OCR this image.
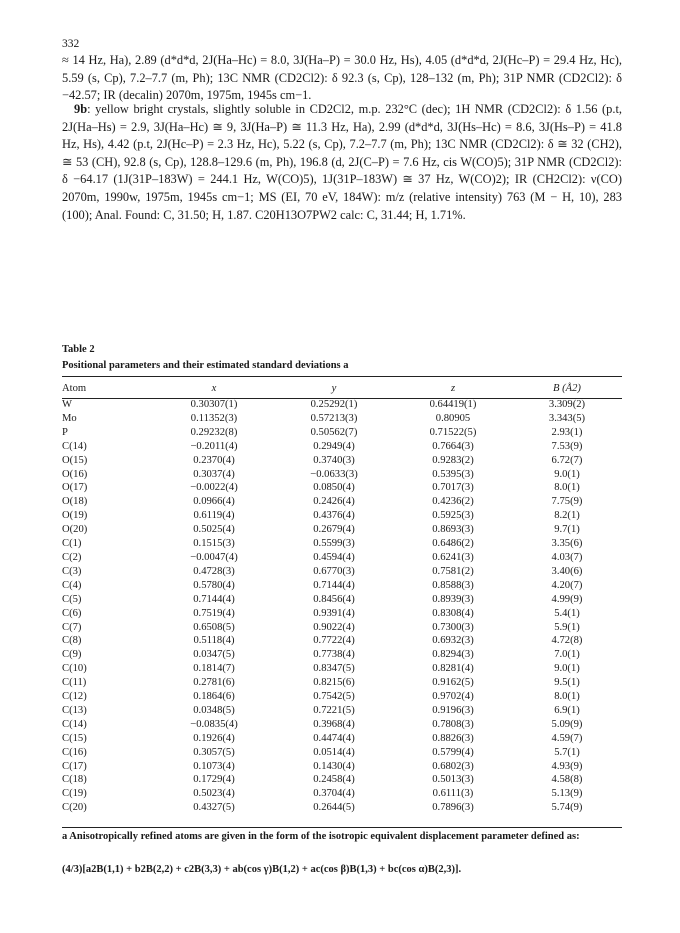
332

≈ 14 Hz, Ha), 2.89 (d*d*d, 2J(Ha–Hc) = 8.0, 3J(Ha–P) = 30.0 Hz, Hs), 4.05 (d*d*d, 2J(Hc–P) = 29.4 Hz, Hc), 5.59 (s, Cp), 7.2–7.7 (m, Ph); 13C NMR (CD2Cl2): δ 92.3 (s, Cp), 128–132 (m, Ph); 31P NMR (CD2Cl2): δ −42.57; IR (decalin) 2070m, 1975m, 1945s cm−1.

9b: yellow bright crystals, slightly soluble in CD2Cl2, m.p. 232°C (dec); 1H NMR (CD2Cl2): δ 1.56 (p.t, 2J(Ha–Hs) = 2.9, 3J(Ha–Hc) ≅ 9, 3J(Ha–P) ≅ 11.3 Hz, Ha), 2.99 (d*d*d, 3J(Hs–Hc) = 8.6, 3J(Hs–P) = 41.8 Hz, Hs), 4.42 (p.t, 2J(Hc–P) = 2.3 Hz, Hc), 5.22 (s, Cp), 7.2–7.7 (m, Ph); 13C NMR (CD2Cl2): δ ≅ 32 (CH2), ≅ 53 (CH), 92.8 (s, Cp), 128.8–129.6 (m, Ph), 196.8 (d, 2J(C–P) = 7.6 Hz, cis W(CO)5); 31P NMR (CD2Cl2): δ −64.17 (1J(31P–183W) = 244.1 Hz, W(CO)5), 1J(31P–183W) ≅ 37 Hz, W(CO)2); IR (CH2Cl2): ν(CO) 2070m, 1990w, 1975m, 1945s cm−1; MS (EI, 70 eV, 184W): m/z (relative intensity) 763 (M − H, 10), 283 (100); Anal. Found: C, 31.50; H, 1.87. C20H13O7PW2 calc: C, 31.44; H, 1.71%.

Table 2
Positional parameters and their estimated standard deviations a
Atom	x	y	z	B (Å2)
W	0.30307(1)	0.25292(1)	0.64419(1)	3.309(2)
Mo	0.11352(3)	0.57213(3)	0.80905	3.343(5)
P	0.29232(8)	0.50562(7)	0.71522(5)	2.93(1)
C(14)	−0.2011(4)	0.2949(4)	0.7664(3)	7.53(9)
O(15)	0.2370(4)	0.3740(3)	0.9283(2)	6.72(7)
O(16)	0.3037(4)	−0.0633(3)	0.5395(3)	9.0(1)
O(17)	−0.0022(4)	0.0850(4)	0.7017(3)	8.0(1)
O(18)	0.0966(4)	0.2426(4)	0.4236(2)	7.75(9)
O(19)	0.6119(4)	0.4376(4)	0.5925(3)	8.2(1)
O(20)	0.5025(4)	0.2679(4)	0.8693(3)	9.7(1)
C(1)	0.1515(3)	0.5599(3)	0.6486(2)	3.35(6)
C(2)	−0.0047(4)	0.4594(4)	0.6241(3)	4.03(7)
C(3)	0.4728(3)	0.6770(3)	0.7581(2)	3.40(6)
C(4)	0.5780(4)	0.7144(4)	0.8588(3)	4.20(7)
C(5)	0.7144(4)	0.8456(4)	0.8939(3)	4.99(9)
C(6)	0.7519(4)	0.9391(4)	0.8308(4)	5.4(1)
C(7)	0.6508(5)	0.9022(4)	0.7300(3)	5.9(1)
C(8)	0.5118(4)	0.7722(4)	0.6932(3)	4.72(8)
C(9)	0.0347(5)	0.7738(4)	0.8294(3)	7.0(1)
C(10)	0.1814(7)	0.8347(5)	0.8281(4)	9.0(1)
C(11)	0.2781(6)	0.8215(6)	0.9162(5)	9.5(1)
C(12)	0.1864(6)	0.7542(5)	0.9702(4)	8.0(1)
C(13)	0.0348(5)	0.7221(5)	0.9196(3)	6.9(1)
C(14)	−0.0835(4)	0.3968(4)	0.7808(3)	5.09(9)
C(15)	0.1926(4)	0.4474(4)	0.8826(3)	4.59(7)
C(16)	0.3057(5)	0.0514(4)	0.5799(4)	5.7(1)
C(17)	0.1073(4)	0.1430(4)	0.6802(3)	4.93(9)
C(18)	0.1729(4)	0.2458(4)	0.5013(3)	4.58(8)
C(19)	0.5023(4)	0.3704(4)	0.6111(3)	5.13(9)
C(20)	0.4327(5)	0.2644(5)	0.7896(3)	5.74(9)

a Anisotropically refined atoms are given in the form of the isotropic equivalent displacement parameter defined as:

(4/3)[a2B(1,1) + b2B(2,2) + c2B(3,3) + ab(cos γ)B(1,2) + ac(cos β)B(1,3) + bc(cos α)B(2,3)].
